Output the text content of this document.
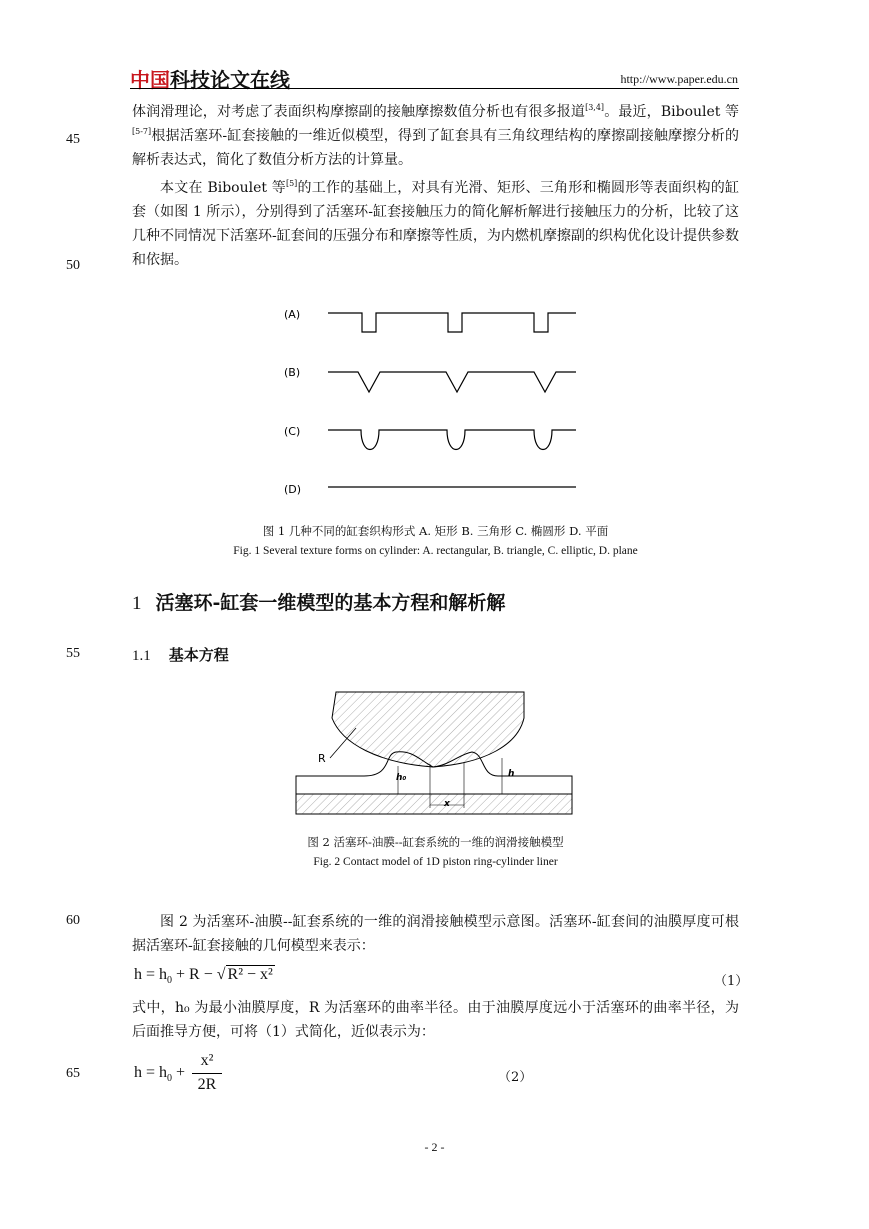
中国科技论文在线	http://www.paper.edu.cn
45
50
55
60
65
体润滑理论，对考虑了表面织构摩擦副的接触摩擦数值分析也有很多报道[3,4]。最近，Biboulet 等[5-7]根据活塞环-缸套接触的一维近似模型，得到了缸套具有三角纹理结构的摩擦副接触摩擦分析的解析表达式，简化了数值分析方法的计算量。
本文在 Biboulet 等[5]的工作的基础上，对具有光滑、矩形、三角形和椭圆形等表面织构的缸套（如图 1 所示），分别得到了活塞环-缸套接触压力的简化解析解进行接触压力的分析，比较了这几种不同情况下活塞环-缸套间的压强分布和摩擦等性质，为内燃机摩擦副的织构优化设计提供参数和依据。
(A)
(B)
(C)
(D)
图 1 几种不同的缸套织构形式 A. 矩形 B. 三角形 C. 椭圆形 D. 平面
Fig. 1 Several texture forms on cylinder: A. rectangular, B. triangle, C. elliptic, D. plane
1 活塞环-缸套一维模型的基本方程和解析解
1.1 基本方程
R
h₀	h
x
图 2 活塞环-油膜--缸套系统的一维的润滑接触模型
Fig. 2 Contact model of 1D piston ring-cylinder liner
图 2 为活塞环-油膜--缸套系统的一维的润滑接触模型示意图。活塞环-缸套间的油膜厚度可根据活塞环-缸套接触的几何模型来表示：
$h = h_0 + R$ − √ R² − x²	（1）
式中，h₀ 为最小油膜厚度，R 为活塞环的曲率半径。由于油膜厚度远小于活塞环的曲率半径，为后面推导方便，可将（1）式简化，近似表示为：
$h = h_0$ +
x²
2R	（2）
- 2 -
